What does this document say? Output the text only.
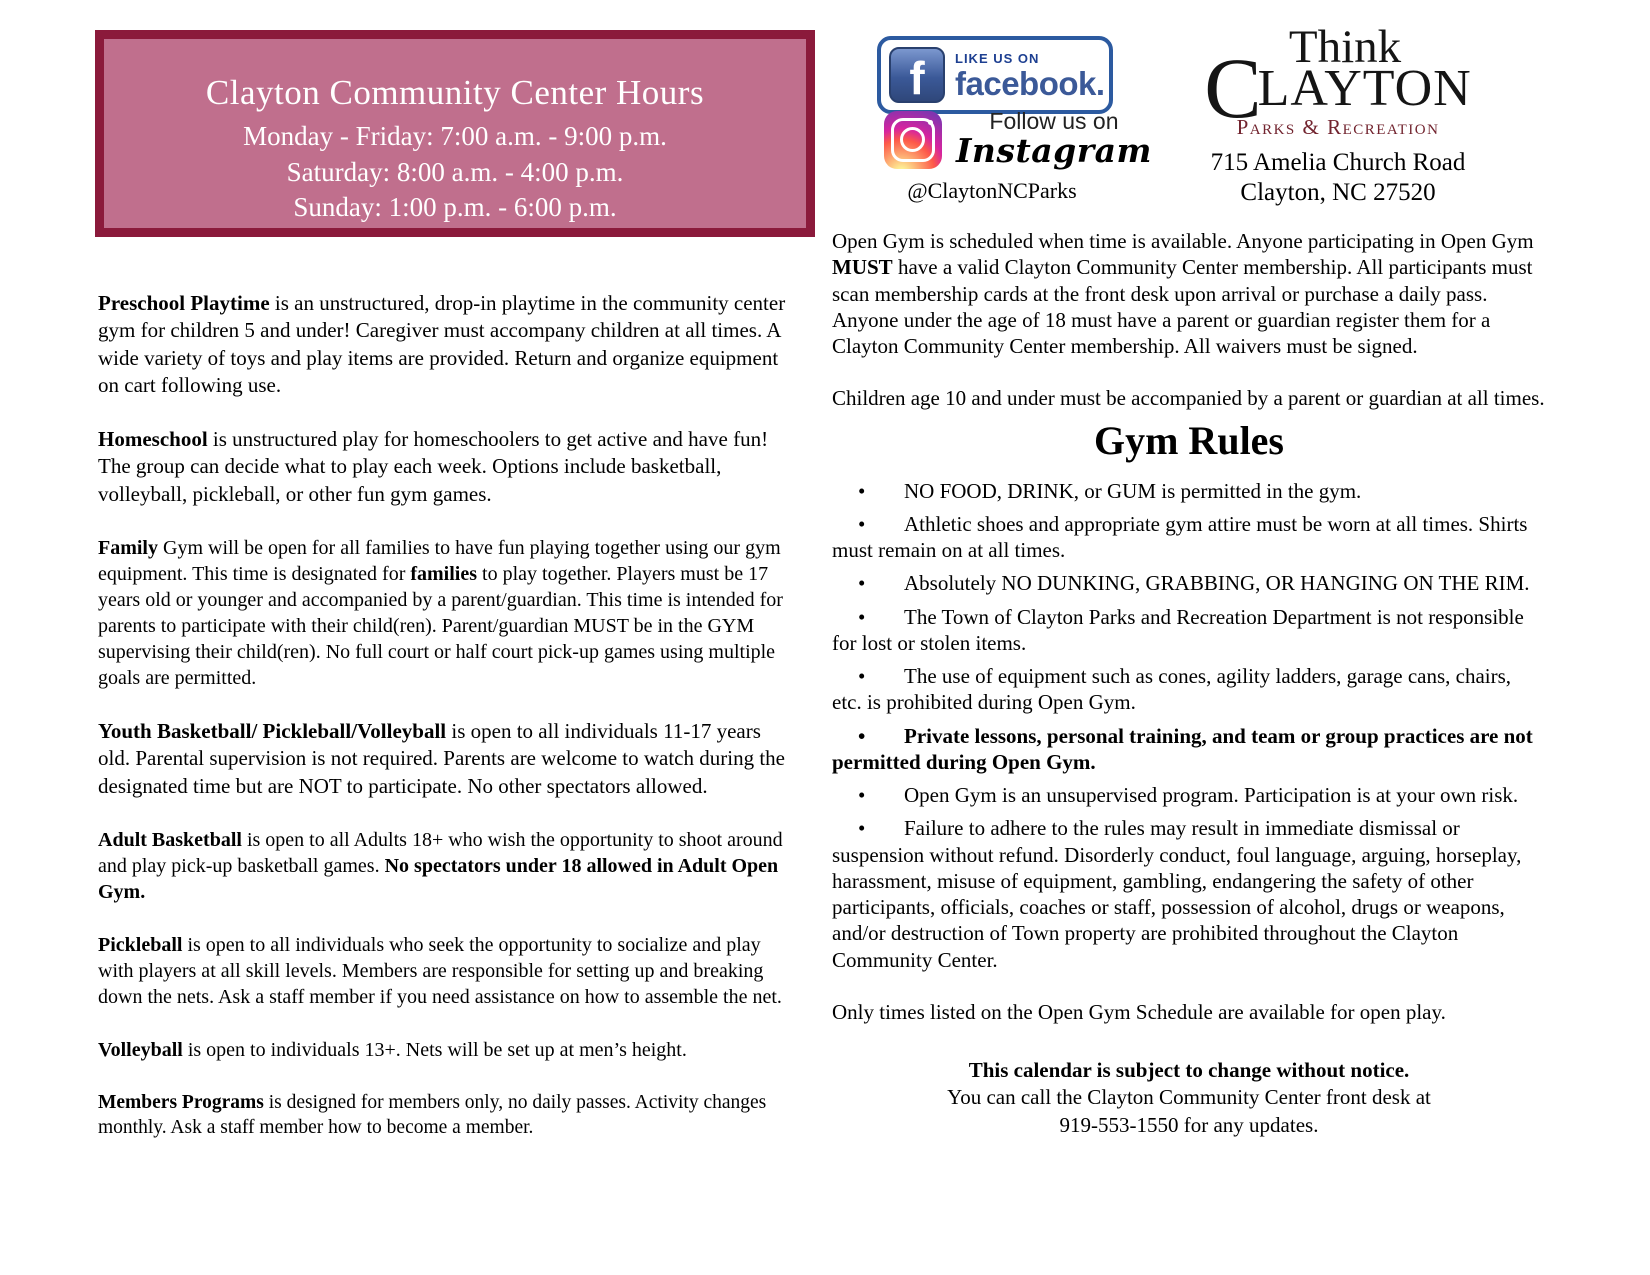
Clayton Community Center Hours
Monday - Friday: 7:00 a.m. - 9:00 p.m.
Saturday: 8:00 a.m. - 4:00 p.m.
Sunday: 1:00 p.m. - 6:00 p.m.
f	LIKE US ON
facebook.
Follow us on
Instagram
@ClaytonNCParks
Think
CLAYTON
Parks & Recreation
715 Amelia Church Road
Clayton, NC 27520

Preschool Playtime is an unstructured, drop-in playtime in the community center gym for children 5 and under! Caregiver must accompany children at all times. A wide variety of toys and play items are provided. Return and organize equipment on cart following use.

Homeschool is unstructured play for homeschoolers to get active and have fun! The group can decide what to play each week. Options include basketball, volleyball, pickleball, or other fun gym games.

Family Gym will be open for all families to have fun playing together using our gym equipment. This time is designated for families to play together. Players must be 17 years old or younger and accompanied by a parent/guardian. This time is intended for parents to participate with their child(ren). Parent/guardian MUST be in the GYM supervising their child(ren). No full court or half court pick-up games using multiple goals are permitted.

Youth Basketball/ Pickleball/Volleyball is open to all individuals 11-17 years old. Parental supervision is not required. Parents are welcome to watch during the designated time but are NOT to participate. No other spectators allowed.

Adult Basketball is open to all Adults 18+ who wish the opportunity to shoot around and play pick-up basketball games. No spectators under 18 allowed in Adult Open Gym.

Pickleball is open to all individuals who seek the opportunity to socialize and play with players at all skill levels. Members are responsible for setting up and breaking down the nets. Ask a staff member if you need assistance on how to assemble the net.

Volleyball is open to individuals 13+. Nets will be set up at men’s height.

Members Programs is designed for members only, no daily passes. Activity changes monthly. Ask a staff member how to become a member.

Open Gym is scheduled when time is available. Anyone participating in Open Gym MUST have a valid Clayton Community Center membership. All participants must scan membership cards at the front desk upon arrival or purchase a daily pass. Anyone under the age of 18 must have a parent or guardian register them for a Clayton Community Center membership. All waivers must be signed.

Children age 10 and under must be accompanied by a parent or guardian at all times.

Gym Rules

• NO FOOD, DRINK, or GUM is permitted in the gym.

• Athletic shoes and appropriate gym attire must be worn at all times. Shirts must remain on at all times.

• Absolutely NO DUNKING, GRABBING, OR HANGING ON THE RIM.

• The Town of Clayton Parks and Recreation Department is not responsible for lost or stolen items.

• The use of equipment such as cones, agility ladders, garage cans, chairs, etc. is prohibited during Open Gym.

• Private lessons, personal training, and team or group practices are not permitted during Open Gym.

• Open Gym is an unsupervised program. Participation is at your own risk.

• Failure to adhere to the rules may result in immediate dismissal or suspension without refund. Disorderly conduct, foul language, arguing, horseplay, harassment, misuse of equipment, gambling, endangering the safety of other participants, officials, coaches or staff, possession of alcohol, drugs or weapons, and/or destruction of Town property are prohibited throughout the Clayton Community Center.

Only times listed on the Open Gym Schedule are available for open play.

This calendar is subject to change without notice.
You can call the Clayton Community Center front desk at
919-553-1550 for any updates.
